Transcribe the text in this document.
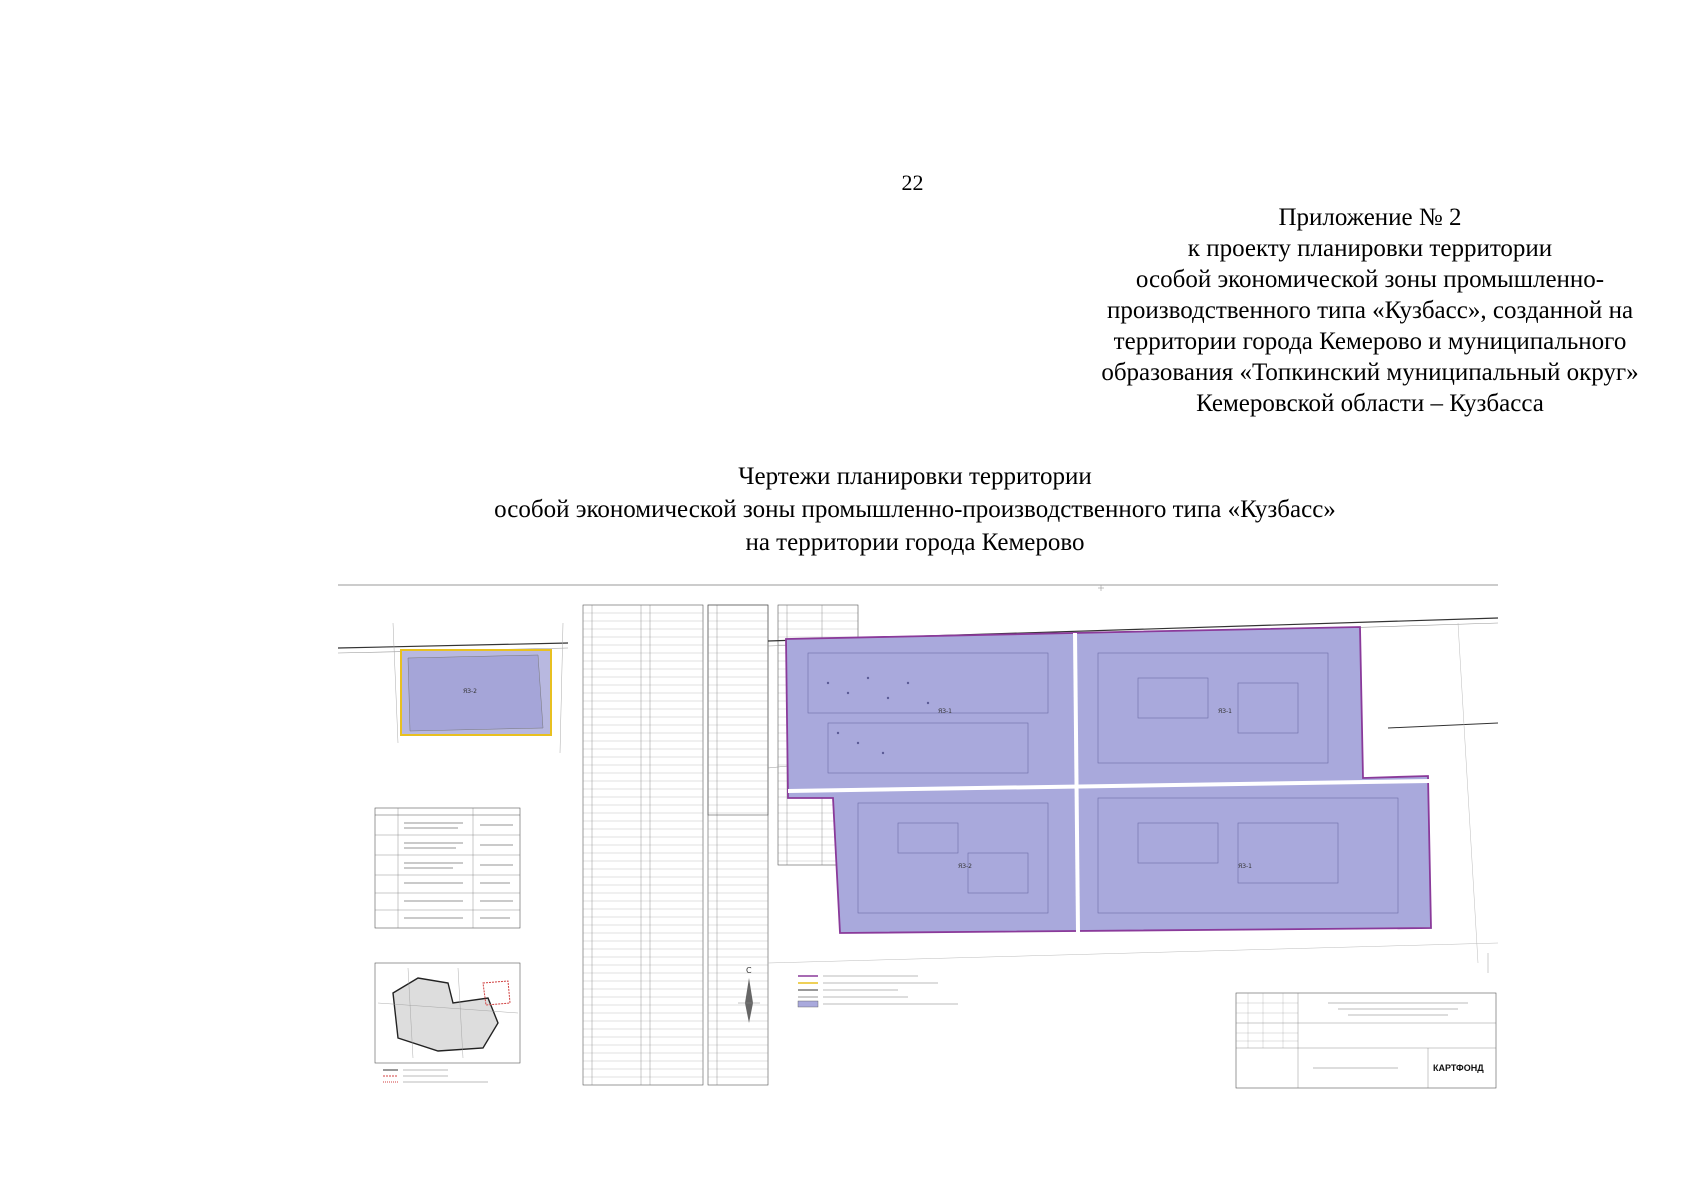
22
Приложение № 2
к проекту планировки территории
особой экономической зоны промышленно-
производственного типа «Кузбасс», созданной на
территории города Кемерово и муниципального
образования «Топкинский муниципальный округ»
Кемеровской области – Кузбасса
Чертежи планировки территории
особой экономической зоны промышленно-производственного типа «Кузбасс»
на территории города Кемерово
ЯЗ-2
ЯЗ-1	ЯЗ-1
ЯЗ-2	ЯЗ-1
С
КАРТФОНД
